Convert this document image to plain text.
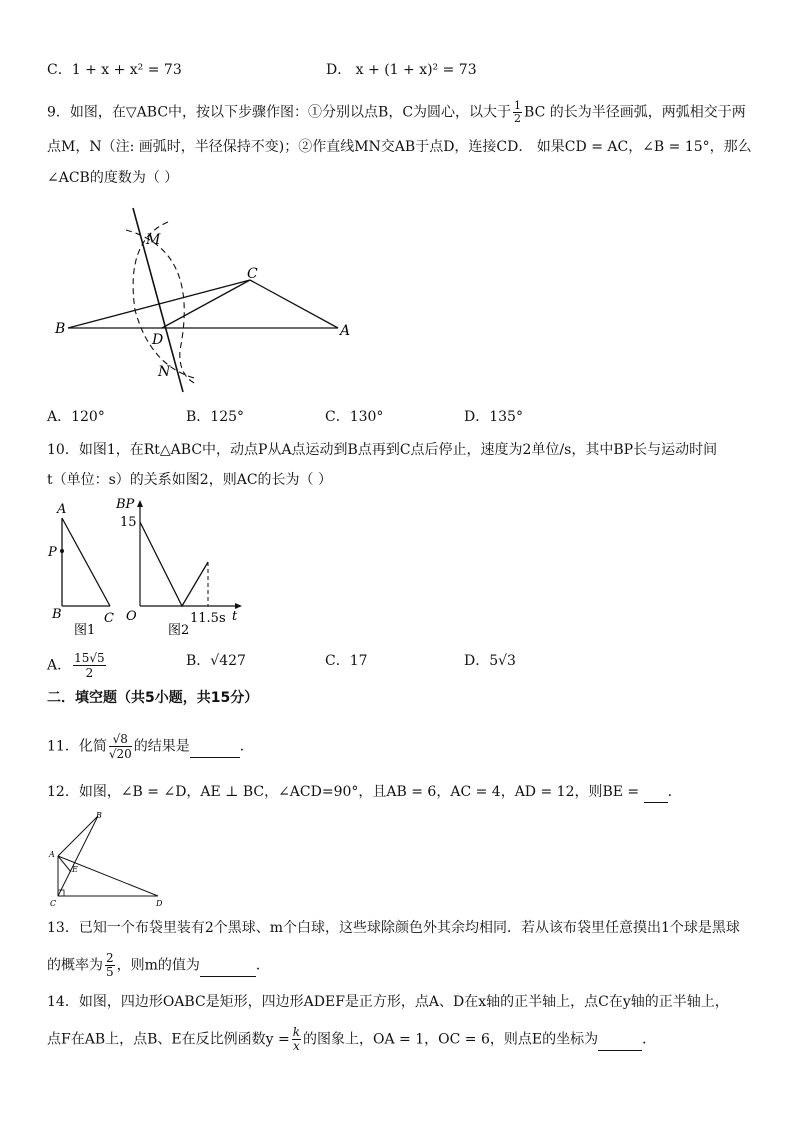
C．1 + x + x² = 73	D． x + (1 + x)² = 73
9．如图，在▽ABC中，按以下步骤作图：①分别以点B，C为圆心，以大于 $\frac{1}{2}$ BC 的长为半径画弧，两弧相交于两
点M，N（注: 画弧时，半径保持不变)；②作直线MN交AB于点D，连接CD． 如果CD = AC，∠B = 15°，那么
∠ACB的度数为（ ）
M
N
B
C
D
A
A．120°	B．125°	C．130°	D．135°
10．如图1，在Rt△ABC中，动点P从A点运动到B点再到C点后停止，速度为2单位/s，其中BP长与运动时间
t（单位：s）的关系如图2，则AC的长为（ ）
A
P
B	C
图1
BP
15
O	11.5s t
图2
A． $\frac{15√5}{2}$	B．√427	C．17	D．5√3
二．填空题（共5小题，共15分）
11．化简 $\frac{√8}{√20}$ 的结果是	．
12．如图，∠B = ∠D，AE ⊥ BC，∠ACD=90°，且AB = 6，AC = 4，AD = 12，则BE = ．
B
A
E
C	D
13．已知一个布袋里装有2个黑球、m个白球，这些球除颜色外其余均相同．若从该布袋里任意摸出1个球是黑球
的概率为 $\frac{2}{5}$ ，则m的值为	．
14．如图，四边形OABC是矩形，四边形ADEF是正方形，点A、D在x轴的正半轴上，点C在y轴的正半轴上，
点F在AB上，点B、E在反比例函数$y = \frac{k}{x}$ 的图象上，OA = 1，OC = 6，则点E的坐标为	．
